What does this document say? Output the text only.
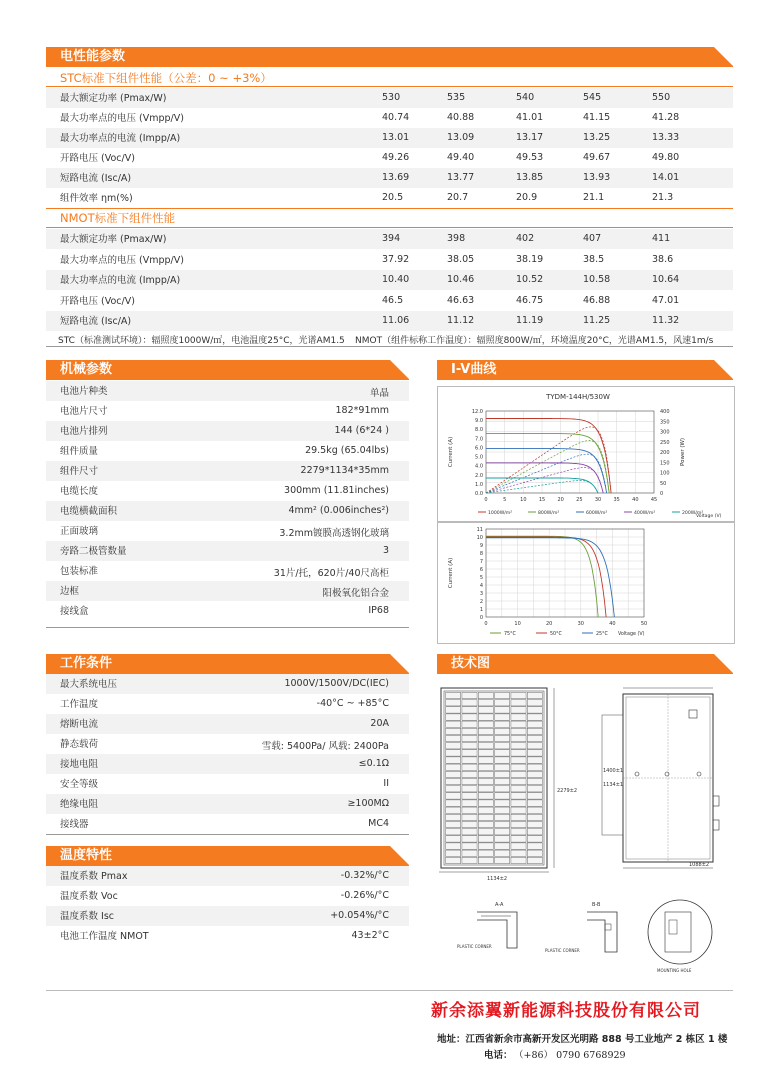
电性能参数
STC标准下组件性能（公差：0 ~ +3%）
最大额定功率 (Pmax/W)	530	535	540	545	550
最大功率点的电压 (Vmpp/V)	40.74	40.88	41.01	41.15	41.28
最大功率点的电流 (Impp/A)	13.01	13.09	13.17	13.25	13.33
开路电压 (Voc/V)	49.26	49.40	49.53	49.67	49.80
短路电流 (Isc/A)	13.69	13.77	13.85	13.93	14.01
组件效率 ηm(%)	20.5	20.7	20.9	21.1	21.3
NMOT标准下组件性能
最大额定功率 (Pmax/W)	394	398	402	407	411
最大功率点的电压 (Vmpp/V)	37.92	38.05	38.19	38.5	38.6
最大功率点的电流 (Impp/A)	10.40	10.46	10.52	10.58	10.64
开路电压 (Voc/V)	46.5	46.63	46.75	46.88	47.01
短路电流 (Isc/A)	11.06	11.12	11.19	11.25	11.32
STC（标准测试环境）：辐照度1000W/㎡，电池温度25°C，光谱AM1.5 NMOT（组件标称工作温度）：辐照度800W/㎡，环境温度20°C，光谱AM1.5，风速1m/s
机械参数
电池片种类	单晶
电池片尺寸	182*91mm
电池片排列	144 (6*24 )
组件质量	29.5kg (65.04lbs)
组件尺寸	2279*1134*35mm
电缆长度	300mm (11.81inches)
电缆横截面积	4mm² (0.006inches²)
正面玻璃	3.2mm镀膜高透钢化玻璃
旁路二极管数量	3
包装标准	31片/托，620片/40尺高柜
边框	阳极氧化铝合金
接线盒	IP68
工作条件
最大系统电压	1000V/1500V/DC(IEC)
工作温度	-40°C ~ +85°C
熔断电流	20A
静态载荷	雪载: 5400Pa/ 风载: 2400Pa
接地电阻	≤0.1Ω
安全等级	II
绝缘电阻	≥100MΩ
接线器	MC4
温度特性
温度系数 Pmax	-0.32%/°C
温度系数 Voc	-0.26%/°C
温度系数 Isc	+0.054%/°C
电池工作温度 NMOT	43±2°C
I-V曲线
TYDM-144H/530W
0.0
1.0
2.0
4.0
5.0
6.0
7.0
8.0
9.0
12.0
0
50
100
150
200
250
300
350
400
0	5	10 15 20 25 30 35 40 45
Current (A)	Power (W)
1000W/m²	800W/m²	600W/m²	400W/m²	200W/m²
Voltage (V)
0
1
2
3
4
5
6
7
8
9
10
11
0	10	20	30	40	50
Current (A)
75°C	50°C	25°C Voltage (V)
技术图
1134±2
2279±2
1088±2
1400±1
1134±1
A-A
PLASTIC CORNER
B-B
PLASTIC CORNER
MOUNTING HOLE
新余添翼新能源科技股份有限公司
地址：江西省新余市高新开发区光明路 888 号工业地产 2 栋区 1 楼
电话： （+86） 0790 6768929
